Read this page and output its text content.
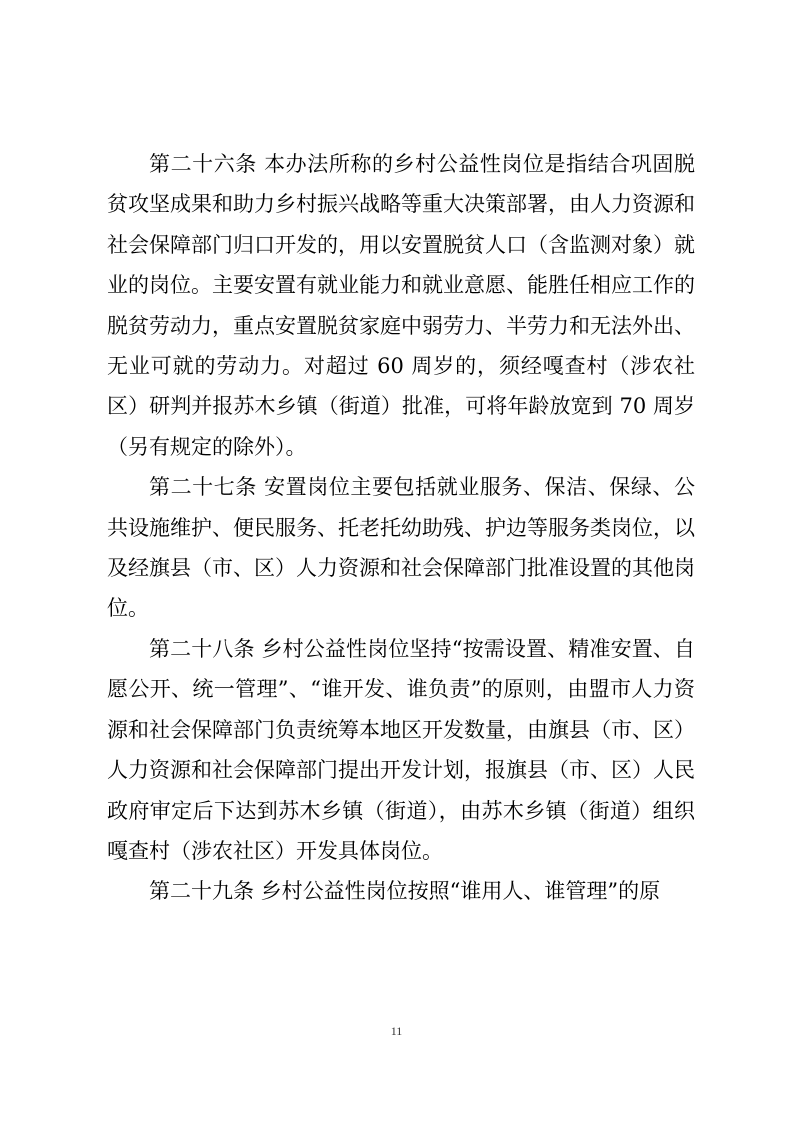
第二十六条 本办法所称的乡村公益性岗位是指结合巩固脱贫攻坚成果和助力乡村振兴战略等重大决策部署，由人力资源和社会保障部门归口开发的，用以安置脱贫人口（含监测对象）就业的岗位。主要安置有就业能力和就业意愿、能胜任相应工作的脱贫劳动力，重点安置脱贫家庭中弱劳力、半劳力和无法外出、无业可就的劳动力。对超过 60 周岁的，须经嘎查村（涉农社区）研判并报苏木乡镇（街道）批准，可将年龄放宽到 70 周岁（另有规定的除外）。

第二十七条 安置岗位主要包括就业服务、保洁、保绿、公共设施维护、便民服务、托老托幼助残、护边等服务类岗位，以及经旗县（市、区）人力资源和社会保障部门批准设置的其他岗位。

第二十八条 乡村公益性岗位坚持“按需设置、精准安置、自愿公开、统一管理”、“谁开发、谁负责”的原则，由盟市人力资源和社会保障部门负责统筹本地区开发数量，由旗县（市、区）人力资源和社会保障部门提出开发计划，报旗县（市、区）人民政府审定后下达到苏木乡镇（街道），由苏木乡镇（街道）组织嘎查村（涉农社区）开发具体岗位。

第二十九条 乡村公益性岗位按照“谁用人、谁管理”的原

11
